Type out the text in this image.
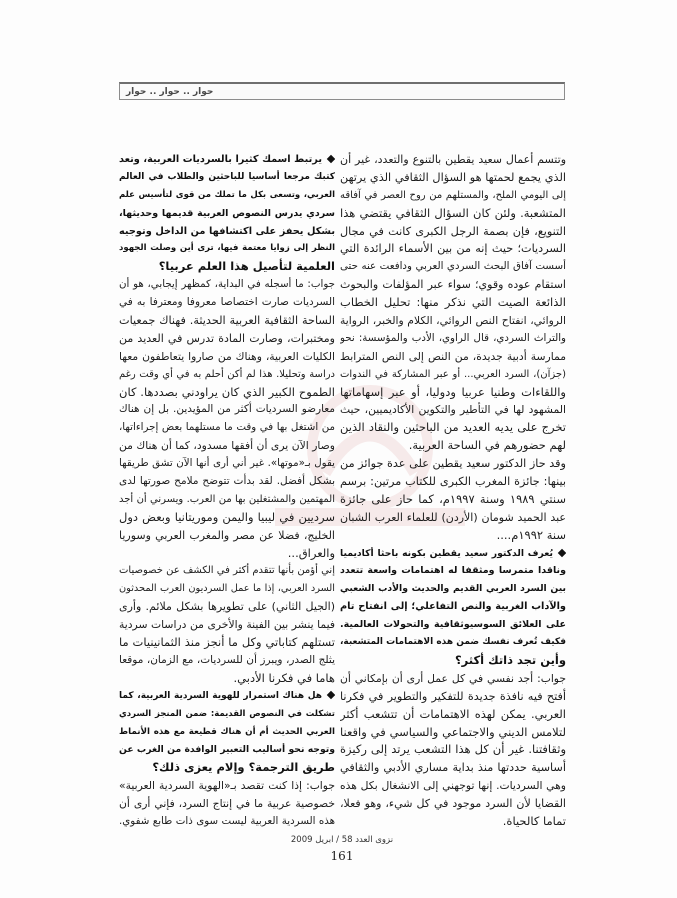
حوار .. حوار .. حوار
وتتسم أعمال سعيد يقطين بالتنوع والتعدد، غير أن
الذي يجمع لحمتها هو السؤال الثقافي الذي يرتهن
إلى اليومي الملح، والمستلهم من روح العصر في آفاقه
المتشعبة. ولئن كان السؤال الثقافي يقتضي هذا
التنويع، فإن بصمة الرجل الكبرى كانت في مجال
السرديات؛ حيث إنه من بين الأسماء الرائدة التي
أسست آفاق البحث السردي العربي ودافعت عنه حتى
استقام عوده وقوي؛ سواء عبر المؤلفات والبحوث
الذائعة الصيت التي نذكر منها: تحليل الخطاب
الروائي، انفتاح النص الروائي، الكلام والخبر، الرواية
والتراث السردي، قال الراوي، الأدب والمؤسسة: نحو
ممارسة أدبية جديدة، من النص إلى النص المترابط
(جزآن)، السرد العربي... أو عبر المشاركة في الندوات
واللقاءات وطنيا عربيا ودوليا، أو عبر إسهاماتها
المشهود لها في التأطير والتكوين الأكاديميين، حيث
تخرج على يديه العديد من الباحثين والنقاد الذين
لهم حضورهم في الساحة العربية.
وقد حاز الدكتور سعيد يقطين على عدة جوائز من
بينها: جائزة المغرب الكبرى للكتاب مرتين: برسم
سنتي ١٩٨٩ وسنة ١٩٩٧م، كما حاز على جائزة
عبد الحميد شومان (الأردن) للعلماء العرب الشبان
سنة ١٩٩٢م....
يُعرف الدكتور سعيد يقطين بكونه باحثا أكاديميا
وناقدا متمرسا ومثقفا له اهتمامات واسعة تتعدد
بين السرد العربي القديم والحديث والأدب الشعبي
والآداب الغربية والنص التفاعلي؛ إلى انفتاح تام
على العلائق السوسيوثقافية والتحولات العالمية.
فكيف تُعرف نفسك ضمن هذه الاهتمامات المتشعبة،
وأين تجد ذاتك أكثر؟
جواب: أجد نفسي في كل عمل أرى أن بإمكاني أن
أفتح فيه نافذة جديدة للتفكير والتطوير في فكرنا
العربي. يمكن لهذه الاهتمامات أن تتشعب أكثر
لتلامس الديني والاجتماعي والسياسي في واقعنا
وثقافتنا. غير أن كل هذا التشعب يرتد إلى ركيزة
أساسية حددتها منذ بداية مساري الأدبي والثقافي
وهي السرديات. إنها توجهني إلى الانشغال بكل هذه
القضايا لأن السرد موجود في كل شيء، وهو فعلا،
تماما كالحياة.
يرتبط اسمك كثيرا بالسرديات العربية، وتعد
كتبك مرجعا أساسيا للباحثين والطلاب في العالم
العربي، وتسعى بكل ما تملك من قوى لتأسيس علم
سردي يدرس النصوص العربية قديمها وحديثها،
بشكل يحفز على اكتشافها من الداخل وتوجيه
النظر إلى زوايا معتمة فيها، ترى أين وصلت الجهود
العلمية لتأصيل هذا العلم عربيا؟
جواب: ما أسجله في البداية، كمظهر إيجابي، هو أن
السرديات صارت اختصاصا معروفا ومعترفا به في
الساحة الثقافية العربية الحديثة. فهناك جمعيات
ومختبرات، وصارت المادة تدرس في العديد من
الكليات العربية، وهناك من صاروا يتعاطفون معها
دراسة وتحليلا. هذا لم أكن أحلم به في أي وقت رغم
الطموح الكبير الذي كان يراودني بصددها. كان
معارضو السرديات أكثر من المؤيدين. بل إن هناك
من اشتغل بها في وقت ما مستلهما بعض إجراءاتها،
وصار الآن يرى أن أفقها مسدود، كما أن هناك من
يقول بـ«موتها». غير أني أرى أنها الآن تشق طريقها
بشكل أفضل. لقد بدأت تتوضح ملامح صورتها لدى
المهتمين والمشتغلين بها من العرب. ويسرني أن أجد
سرديين في ليبيا واليمن وموريتانيا وبعض دول
الخليج، فضلا عن مصر والمغرب العربي وسوريا
والعراق...
إني أؤمن بأنها تتقدم أكثر في الكشف عن خصوصيات
السرد العربي، إذا ما عمل السرديون العرب المحدثون
(الجيل الثاني) على تطويرها بشكل ملائم. وأرى
فيما ينشر بين الفينة والأخرى من دراسات سردية
تستلهم كتاباتي وكل ما أنجز منذ الثمانينيات ما
يثلج الصدر، ويبرز أن للسرديات، مع الزمان، موقعا
هاما في فكرنا الأدبي.
هل هناك استمرار للهوية السردية العربية، كما
تشكلت في النصوص القديمة: ضمن المنجز السردي
العربي الحديث أم أن هناك قطيعة مع هذه الأنماط
وتوجه نحو أساليب التعبير الوافدة من الغرب عن
طريق الترجمة؟ وإلام يعزى ذلك؟
جواب: إذا كنت تقصد بـ«الهوية السردية العربية»
خصوصية عربية ما في إنتاج السرد، فإني أرى أن
هذه السردية العربية ليست سوى ذات طابع شفوي.
نزوى العدد 58 / ابريل 2009
161
